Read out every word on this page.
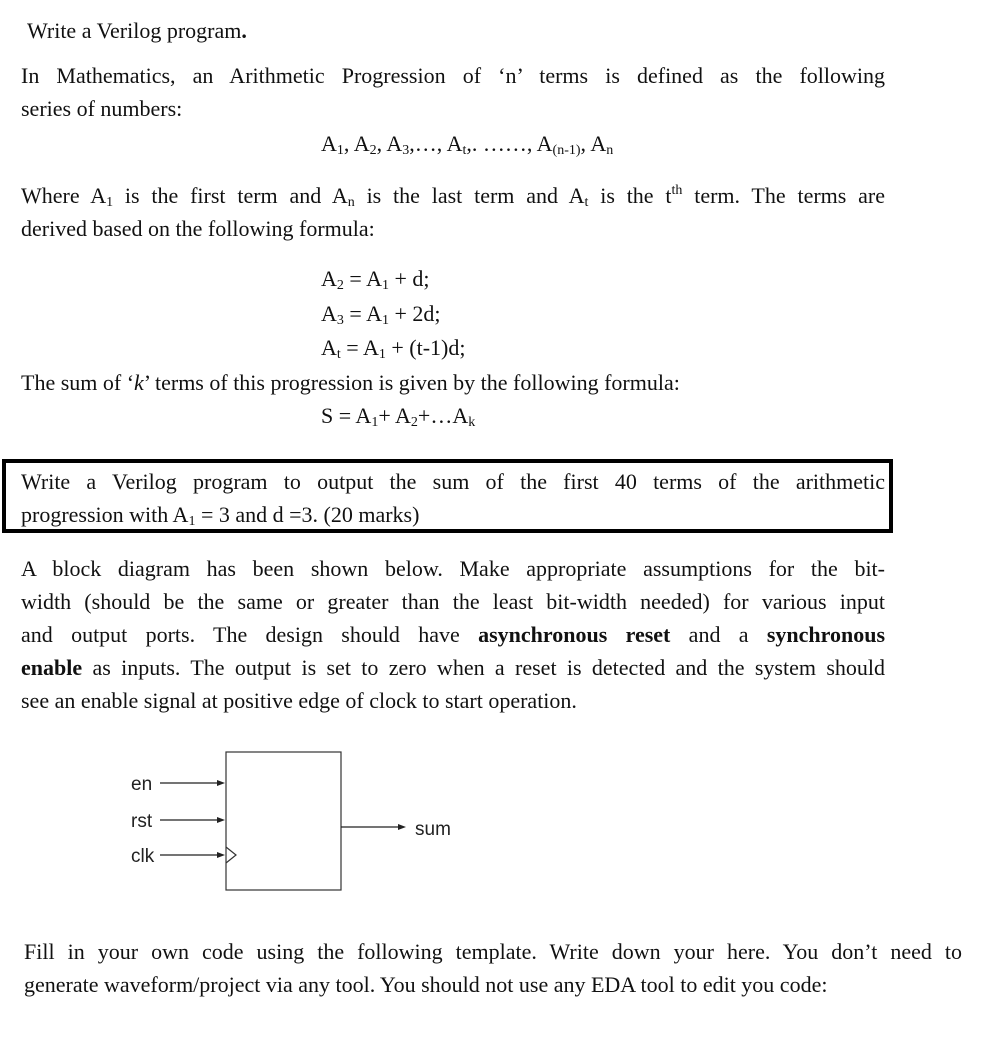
Write a Verilog program.
In Mathematics, an Arithmetic Progression of ‘n’ terms is defined as the following
series of numbers:
$A_1$, $A_2$, $A_3,\dots$, $A_t$,. ……, $A_{(n-1)}$, $A_n$
Where $A_1$ is the first term and $A_n$ is the last term and $A_t$ is the $t^{th}$ term. The terms are
derived based on the following formula:
$A_2 = A_1 + d$;
$A_3 = A_1 + 2d$;
$A_t = A_1 + (t-1)d$;
The sum of ‘k’ terms of this progression is given by the following formula:
$S = A_1+$ $A_2+\dots A_k$
Write a Verilog program to output the sum of the first 40 terms of the arithmetic
progression with $A_1 = 3$ and d =3. (20 marks)
A block diagram has been shown below. Make appropriate assumptions for the bit-
width (should be the same or greater than the least bit-width needed) for various input
and output ports. The design should have asynchronous reset and a synchronous
enable as inputs. The output is set to zero when a reset is detected and the system should
see an enable signal at positive edge of clock to start operation.
en
rst
clk
sum
Fill in your own code using the following template. Write down your here. You don’t need to
generate waveform/project via any tool. You should not use any EDA tool to edit you code:
